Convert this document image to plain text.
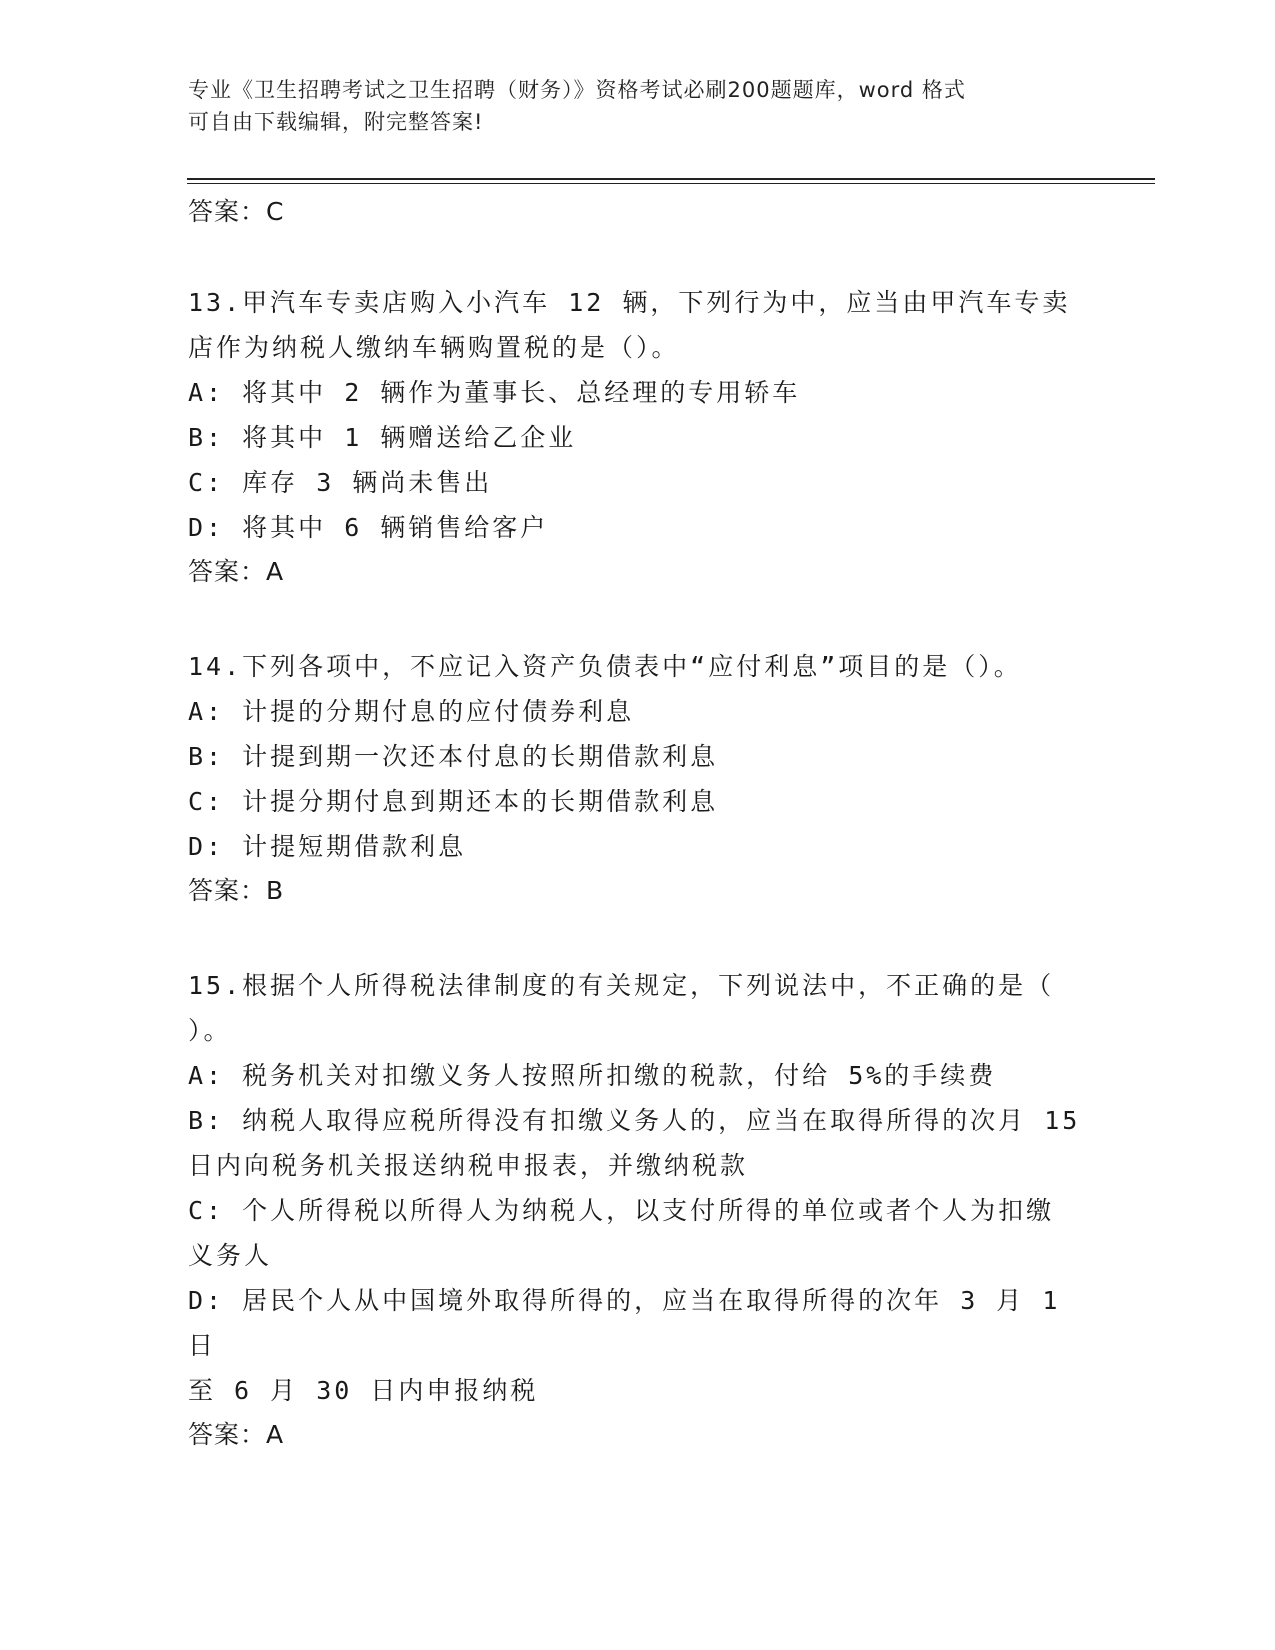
专业《卫生招聘考试之卫生招聘（财务）》资格考试必刷200题题库，word 格式
可自由下载编辑，附完整答案!

答案：C

13.甲汽车专卖店购入小汽车 12 辆，下列行为中，应当由甲汽车专卖

店作为纳税人缴纳车辆购置税的是（）。

A: 将其中 2 辆作为董事长、总经理的专用轿车

B: 将其中 1 辆赠送给乙企业

C: 库存 3 辆尚未售出

D: 将其中 6 辆销售给客户

答案：A

14.下列各项中，不应记入资产负债表中“应付利息”项目的是（）。

A: 计提的分期付息的应付债券利息

B: 计提到期一次还本付息的长期借款利息

C: 计提分期付息到期还本的长期借款利息

D: 计提短期借款利息

答案：B

15.根据个人所得税法律制度的有关规定，下列说法中，不正确的是（

）。

A: 税务机关对扣缴义务人按照所扣缴的税款，付给 5%的手续费

B: 纳税人取得应税所得没有扣缴义务人的，应当在取得所得的次月 15

日内向税务机关报送纳税申报表，并缴纳税款

C: 个人所得税以所得人为纳税人，以支付所得的单位或者个人为扣缴

义务人

D: 居民个人从中国境外取得所得的，应当在取得所得的次年 3 月 1 日

至 6 月 30 日内申报纳税

答案：A
